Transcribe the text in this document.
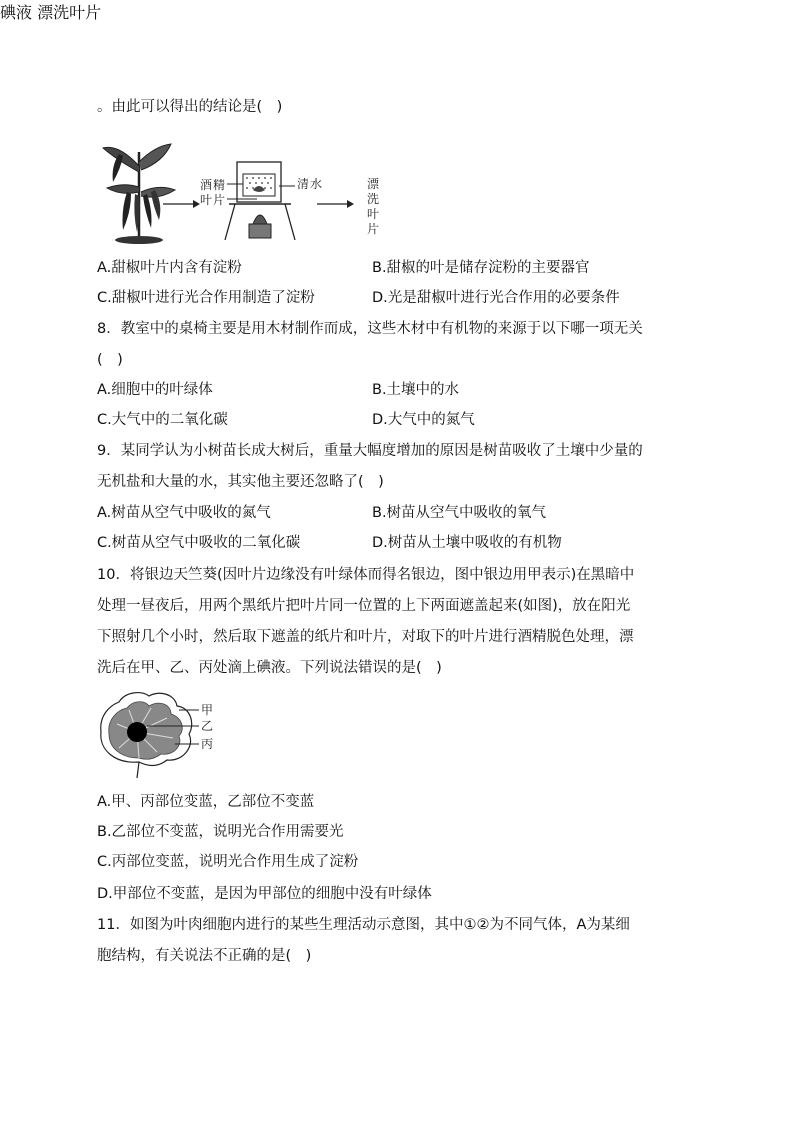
。由此可以得出的结论是(　)
酒精
叶片
清水	漂洗叶片
碘液 漂洗叶片
A.甜椒叶片内含有淀粉	B.甜椒的叶是储存淀粉的主要器官
C.甜椒叶进行光合作用制造了淀粉	D.光是甜椒叶进行光合作用的必要条件
8．教室中的桌椅主要是用木材制作而成，这些木材中有机物的来源于以下哪一项无关
(　)
A.细胞中的叶绿体	B.土壤中的水
C.大气中的二氧化碳	D.大气中的氮气
9．某同学认为小树苗长成大树后，重量大幅度增加的原因是树苗吸收了土壤中少量的
无机盐和大量的水，其实他主要还忽略了(　)
A.树苗从空气中吸收的氮气	B.树苗从空气中吸收的氧气
C.树苗从空气中吸收的二氧化碳	D.树苗从土壤中吸收的有机物
10．将银边天竺葵(因叶片边缘没有叶绿体而得名银边，图中银边用甲表示)在黑暗中
处理一昼夜后，用两个黑纸片把叶片同一位置的上下两面遮盖起来(如图)，放在阳光
下照射几个小时，然后取下遮盖的纸片和叶片，对取下的叶片进行酒精脱色处理，漂
洗后在甲、乙、丙处滴上碘液。下列说法错误的是(　)
甲
乙
丙
A.甲、丙部位变蓝，乙部位不变蓝
B.乙部位不变蓝，说明光合作用需要光
C.丙部位变蓝，说明光合作用生成了淀粉
D.甲部位不变蓝，是因为甲部位的细胞中没有叶绿体
11．如图为叶肉细胞内进行的某些生理活动示意图，其中①②为不同气体，A为某细
胞结构，有关说法不正确的是(　)
